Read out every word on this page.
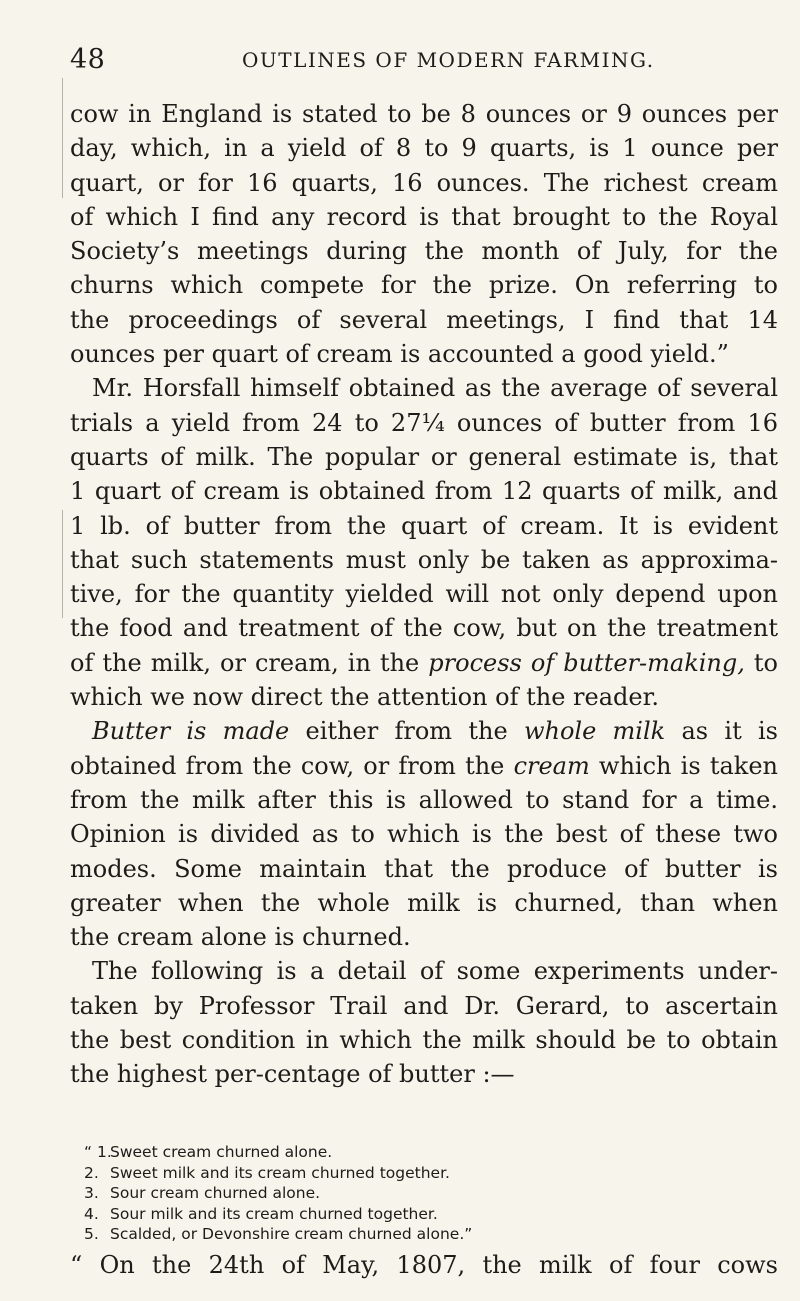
48	OUTLINES OF MODERN FARMING.
cow in England is stated to be 8 ounces or 9 ounces per
day, which, in a yield of 8 to 9 quarts, is 1 ounce per
quart, or for 16 quarts, 16 ounces. The richest cream
of which I find any record is that brought to the Royal
Society’s meetings during the month of July, for the
churns which compete for the prize. On referring to
the proceedings of several meetings, I find that 14
ounces per quart of cream is accounted a good yield.”
Mr. Horsfall himself obtained as the average of several
trials a yield from 24 to 27¼ ounces of butter from 16
quarts of milk. The popular or general estimate is, that
1 quart of cream is obtained from 12 quarts of milk, and
1 lb. of butter from the quart of cream. It is evident
that such statements must only be taken as approxima-
tive, for the quantity yielded will not only depend upon
the food and treatment of the cow, but on the treatment
of the milk, or cream, in the process of butter-making, to
which we now direct the attention of the reader.
Butter is made either from the whole milk as it is
obtained from the cow, or from the cream which is taken
from the milk after this is allowed to stand for a time.
Opinion is divided as to which is the best of these two
modes. Some maintain that the produce of butter is
greater when the whole milk is churned, than when
the cream alone is churned.
The following is a detail of some experiments under-
taken by Professor Trail and Dr. Gerard, to ascertain
the best condition in which the milk should be to obtain
the highest per-centage of butter :—
“ 1.Sweet cream churned alone.
2. Sweet milk and its cream churned together.
3. Sour cream churned alone.
4. Sour milk and its cream churned together.
5. Scalded, or Devonshire cream churned alone.”
“ On the 24th of May, 1807, the milk of four cows
